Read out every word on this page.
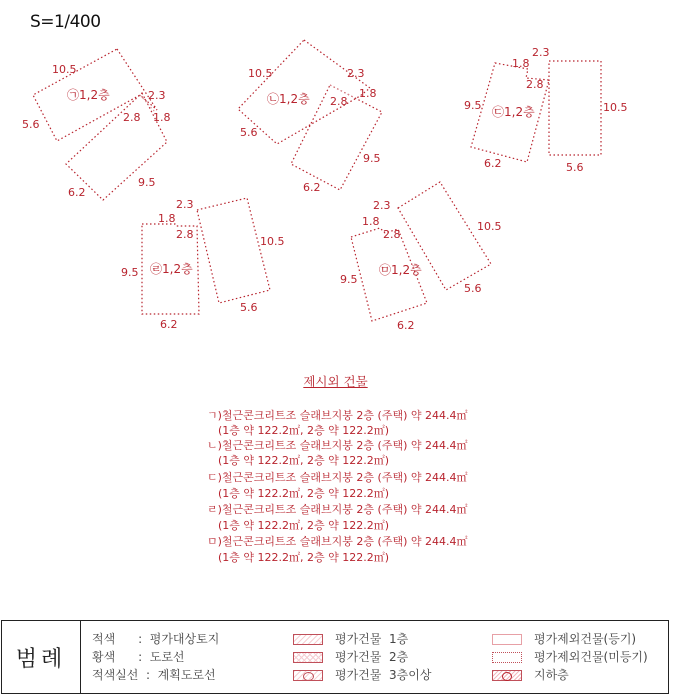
S=1/400
10.5
5.6
2.3
2.8 1.8
6.2
9.5
㉠1,2층
10.5
5.6
2.3
2.8
1.8
6.2
9.5
㉡1,2층
2.3
1.8
2.8
10.5
9.5
6.2	5.6
㉢1,2층
2.3
1.8
2.8
10.5
9.5
6.2
5.6
㉣1,2층
2.3
1.8
2.8
10.5
9.5
6.2
5.6
㉤1,2층
제시외 건물
ㄱ)철근콘크리트조 슬래브지붕 2층 (주택) 약 244.4㎡
(1층 약 122.2㎡, 2층 약 122.2㎡)
ㄴ)철근콘크리트조 슬래브지붕 2층 (주택) 약 244.4㎡
(1층 약 122.2㎡, 2층 약 122.2㎡)
ㄷ)철근콘크리트조 슬래브지붕 2층 (주택) 약 244.4㎡
(1층 약 122.2㎡, 2층 약 122.2㎡)
ㄹ)철근콘크리트조 슬래브지붕 2층 (주택) 약 244.4㎡
(1층 약 122.2㎡, 2층 약 122.2㎡)
ㅁ)철근콘크리트조 슬래브지붕 2층 (주택) 약 244.4㎡
(1층 약 122.2㎡, 2층 약 122.2㎡)
범례
적색      :  평가대상토지
황색      :  도로선
적색실선  :  계획도로선
평가건물  1층
평가건물  2층
평가건물  3층이상
평가제외건물(등기)
평가제외건물(미등기)
지하층
